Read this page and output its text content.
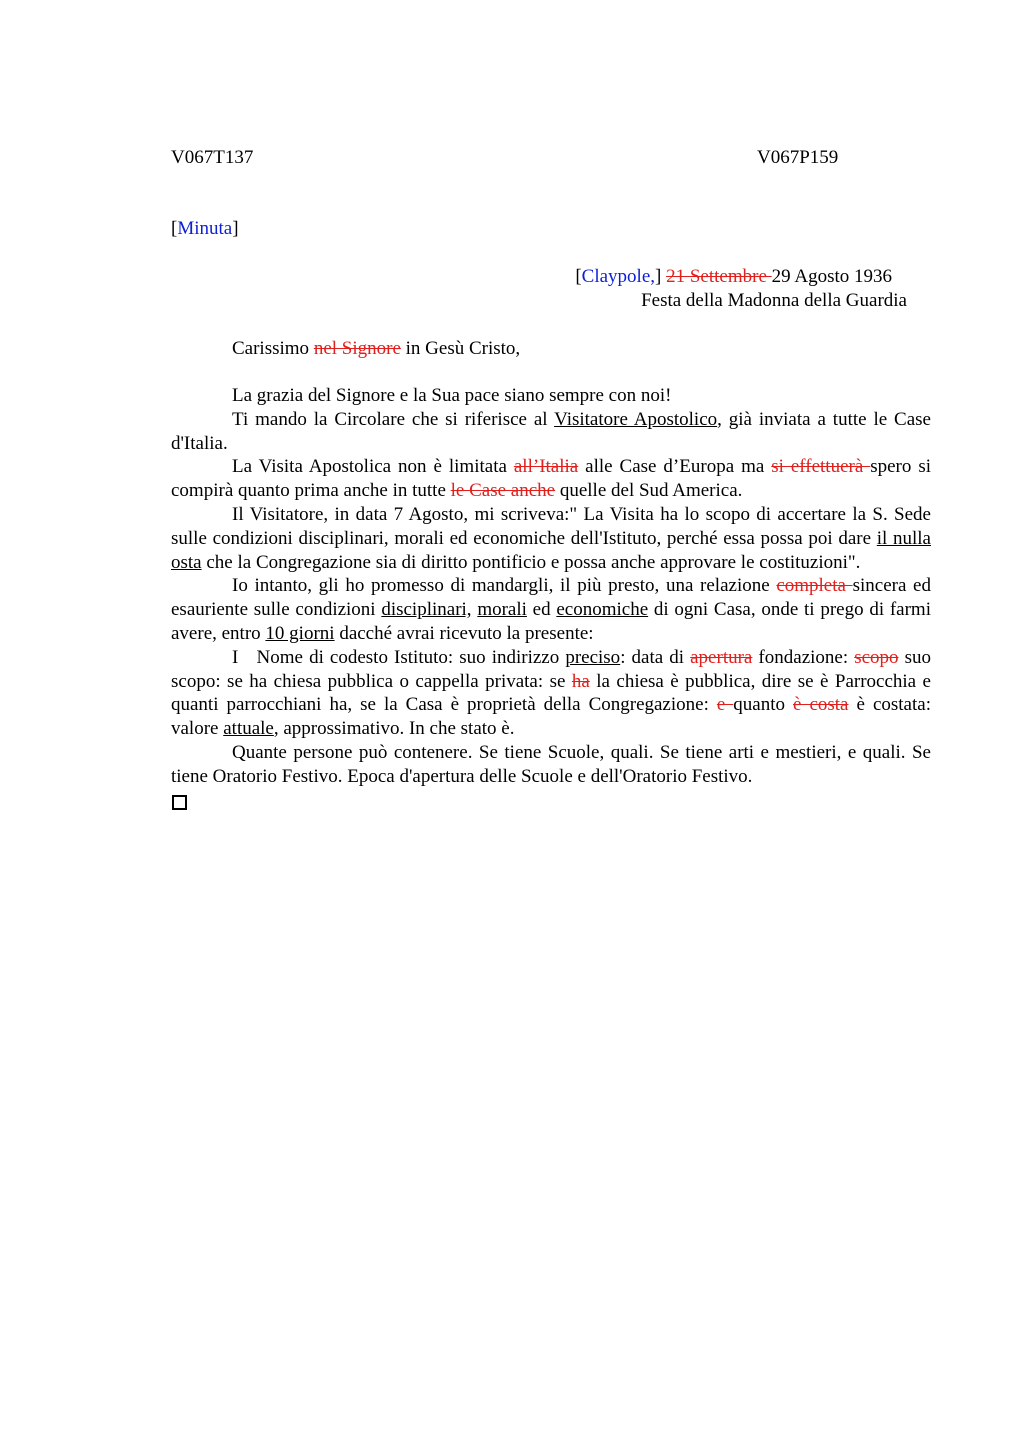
V067T137	V067P159
[Minuta]
[Claypole,] 21 Settembre 29 Agosto 1936
Festa della Madonna della Guardia
Carissimo nel Signore in Gesù Cristo,

La grazia del Signore e la Sua pace siano sempre con noi!

Ti mando la Circolare che si riferisce al Visitatore Apostolico, già inviata a tutte le Case d'Italia.

La Visita Apostolica non è limitata all’Italia alle Case d’Europa ma si effettuerà spero si compirà quanto prima anche in tutte le Case anche quelle del Sud America.

Il Visitatore, in data 7 Agosto, mi scriveva:" La Visita ha lo scopo di accertare la S. Sede sulle condizioni disciplinari, morali ed economiche dell'Istituto, perché essa possa poi dare il nulla osta che la Congregazione sia di diritto pontificio e possa anche approvare le costituzioni".

Io intanto, gli ho promesso di mandargli, il più presto, una relazione completa sincera ed esauriente sulle condizioni disciplinari, morali ed economiche di ogni Casa, onde ti prego di farmi avere, entro 10 giorni dacché avrai ricevuto la presente:

I   Nome di codesto Istituto: suo indirizzo preciso: data di apertura fondazione: scopo suo scopo: se ha chiesa pubblica o cappella privata: se ha la chiesa è pubblica, dire se è Parrocchia e quanti parrocchiani ha, se la Casa è proprietà della Congregazione: e quanto è costa è costata: valore attuale, approssimativo. In che stato è.

Quante persone può contenere. Se tiene Scuole, quali. Se tiene arti e mestieri, e quali. Se tiene Oratorio Festivo. Epoca d'apertura delle Scuole e dell'Oratorio Festivo.
